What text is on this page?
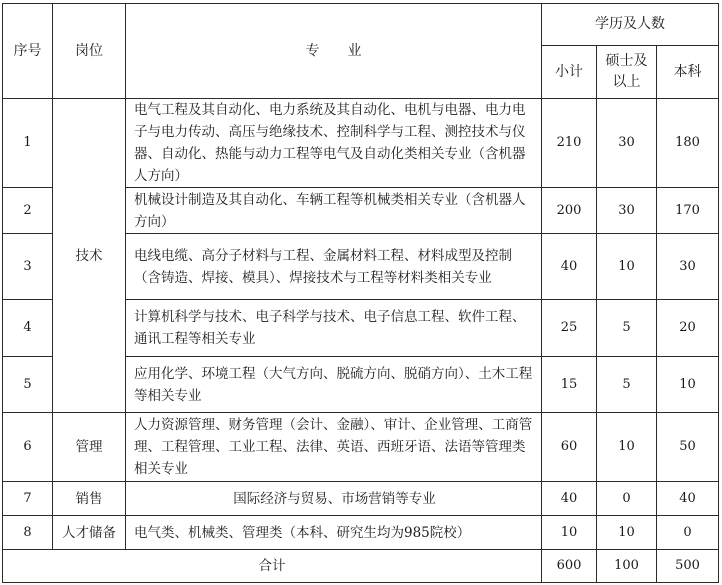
序号	岗位	专　　业	学历及人数		
			小计	硕士及以上	本科
1	技术	电气工程及其自动化、电力系统及其自动化、电机与电器、电力电子与电力传动、高压与绝缘技术、控制科学与工程、测控技术与仪器、自动化、热能与动力工程等电气及自动化类相关专业（含机器人方向）	210	30	180
2		机械设计制造及其自动化、车辆工程等机械类相关专业（含机器人方向）	200	30	170
3		电线电缆、高分子材料与工程、金属材料工程、材料成型及控制（含铸造、焊接、模具）、焊接技术与工程等材料类相关专业	40	10	30
4		计算机科学与技术、电子科学与技术、电子信息工程、软件工程、通讯工程等相关专业	25	5	20
5		应用化学、环境工程（大气方向、脱硫方向、脱硝方向）、土木工程等相关专业	15	5	10
6	管理	人力资源管理、财务管理（会计、金融）、审计、企业管理、工商管理、工程管理、工业工程、法律、英语、西班牙语、法语等管理类相关专业	60	10	50
7	销售	国际经济与贸易、市场营销等专业	40	0	40
8	人才储备	电气类、机械类、管理类（本科、研究生均为985院校）	10	10	0
合计			600	100	500
